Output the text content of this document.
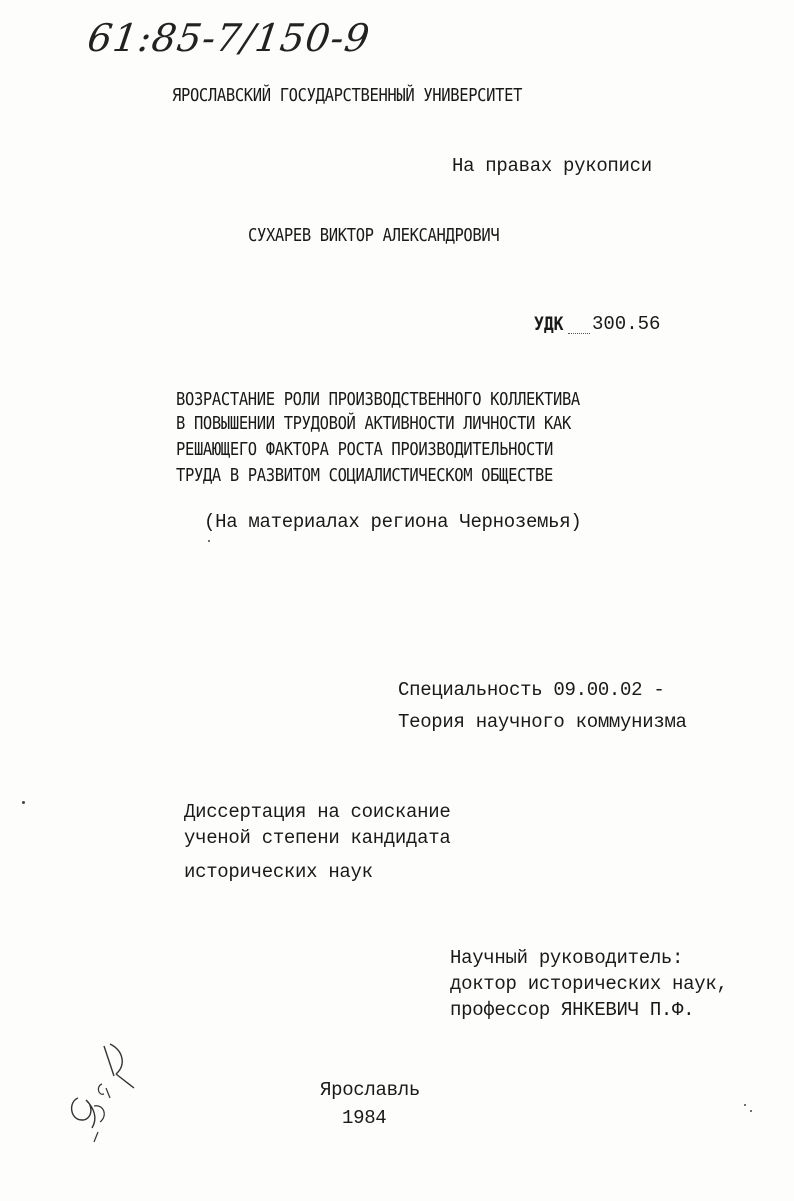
61:85-7/150-9
ЯРОСЛАВСКИЙ ГОСУДАРСТВЕННЫЙ УНИВЕРСИТЕТ
На правах рукописи
СУХАРЕВ ВИКТОР АЛЕКСАНДРОВИЧ
УДК 300.56
ВОЗРАСТАНИЕ РОЛИ ПРОИЗВОДСТВЕННОГО КОЛЛЕКТИВА
В ПОВЫШЕНИИ ТРУДОВОЙ АКТИВНОСТИ ЛИЧНОСТИ КАК
РЕШАЮЩЕГО ФАКТОРА РОСТА ПРОИЗВОДИТЕЛЬНОСТИ
ТРУДА В РАЗВИТОМ СОЦИАЛИСТИЧЕСКОМ ОБЩЕСТВЕ
(На материалах региона Черноземья)
Специальность 09.00.02 -
Теория научного коммунизма
Диссертация на соискание
ученой степени кандидата
исторических наук
Научный руководитель:
доктор исторических наук,
профессор ЯНКЕВИЧ П.Ф.
Ярославль
1984
